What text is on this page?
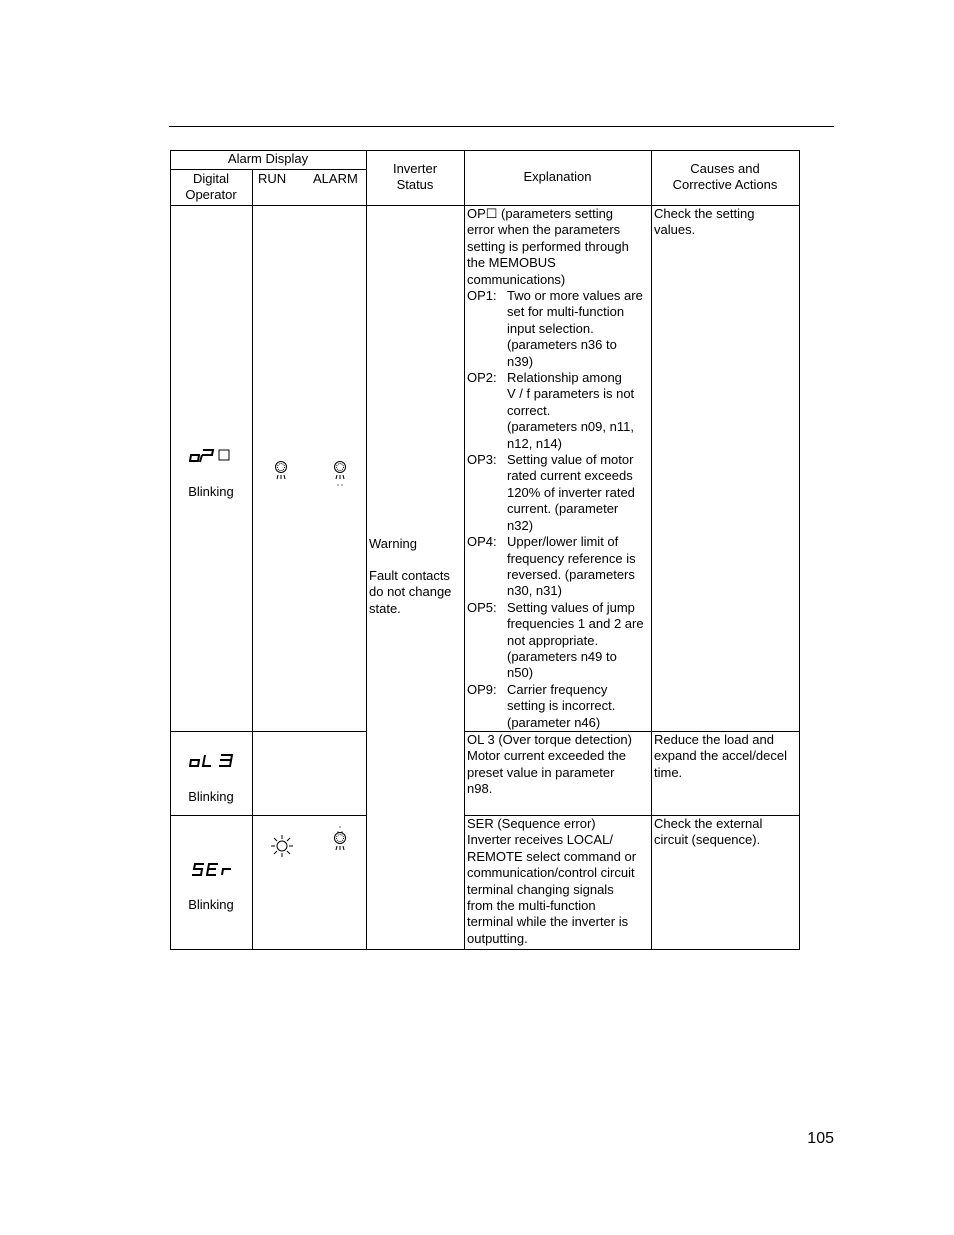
Alarm Display
Digital
Operator
RUN ALARM
Inverter
Status
Explanation
Causes and
Corrective Actions
Blinking
Warning
Fault contacts
do not change
state.
OP☐ (parameters setting
error when the parameters
setting is performed through
the MEMOBUS
communications)
OP1: Two or more values are
set for multi-function
input selection.
(parameters n36 to
n39)
OP2: Relationship among
V / f parameters is not
correct.
(parameters n09, n11,
n12, n14)
OP3: Setting value of motor
rated current exceeds
120% of inverter rated
current. (parameter
n32)
OP4: Upper/lower limit of
frequency reference is
reversed. (parameters
n30, n31)
OP5: Setting values of jump
frequencies 1 and 2 are
not appropriate.
(parameters n49 to
n50)
OP9: Carrier frequency
setting is incorrect.
(parameter n46)
Check the setting
values.
Blinking
OL 3 (Over torque detection)
Motor current exceeded the
preset value in parameter
n98.
Reduce the load and
expand the accel/decel
time.
Blinking
SER (Sequence error)
Inverter receives LOCAL/
REMOTE select command or
communication/control circuit
terminal changing signals
from the multi-function
terminal while the inverter is
outputting.
Check the external
circuit (sequence).
105
